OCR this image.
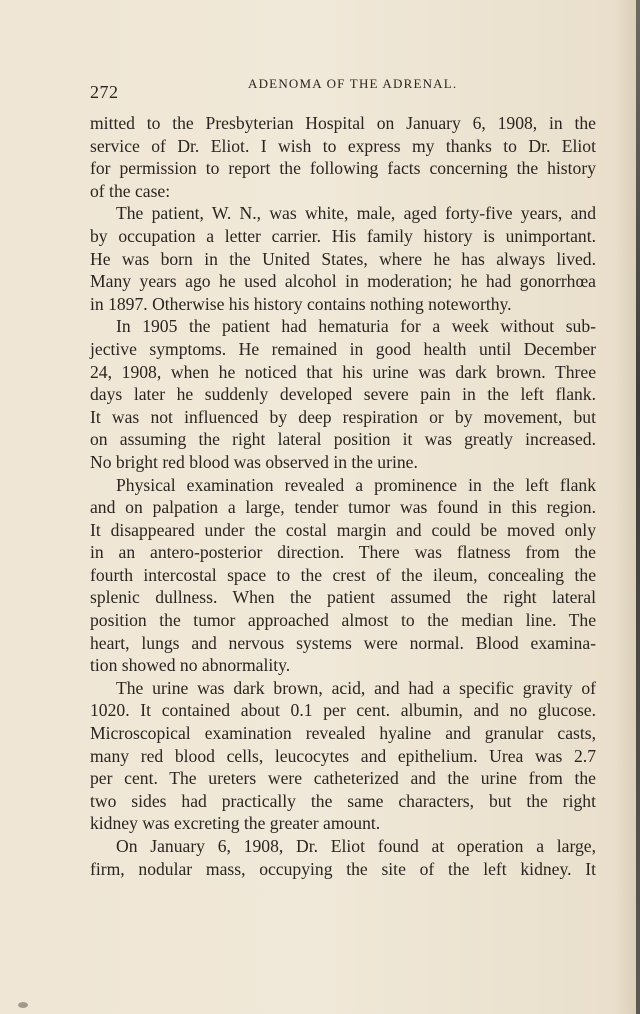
272	ADENOMA OF THE ADRENAL.

mitted to the Presbyterian Hospital on January 6, 1908, in the

service of Dr. Eliot. I wish to express my thanks to Dr. Eliot

for permission to report the following facts concerning the history

of the case:

The patient, W. N., was white, male, aged forty-five years, and

by occupation a letter carrier. His family history is unimportant.

He was born in the United States, where he has always lived.

Many years ago he used alcohol in moderation; he had gonorrhœa

in 1897. Otherwise his history contains nothing noteworthy.

In 1905 the patient had hematuria for a week without sub-

jective symptoms. He remained in good health until December

24, 1908, when he noticed that his urine was dark brown. Three

days later he suddenly developed severe pain in the left flank.

It was not influenced by deep respiration or by movement, but

on assuming the right lateral position it was greatly increased.

No bright red blood was observed in the urine.

Physical examination revealed a prominence in the left flank

and on palpation a large, tender tumor was found in this region.

It disappeared under the costal margin and could be moved only

in an antero-posterior direction. There was flatness from the

fourth intercostal space to the crest of the ileum, concealing the

splenic dullness. When the patient assumed the right lateral

position the tumor approached almost to the median line. The

heart, lungs and nervous systems were normal. Blood examina-

tion showed no abnormality.

The urine was dark brown, acid, and had a specific gravity of

1020. It contained about 0.1 per cent. albumin, and no glucose.

Microscopical examination revealed hyaline and granular casts,

many red blood cells, leucocytes and epithelium. Urea was 2.7

per cent. The ureters were catheterized and the urine from the

two sides had practically the same characters, but the right

kidney was excreting the greater amount.

On January 6, 1908, Dr. Eliot found at operation a large,

firm, nodular mass, occupying the site of the left kidney. It
